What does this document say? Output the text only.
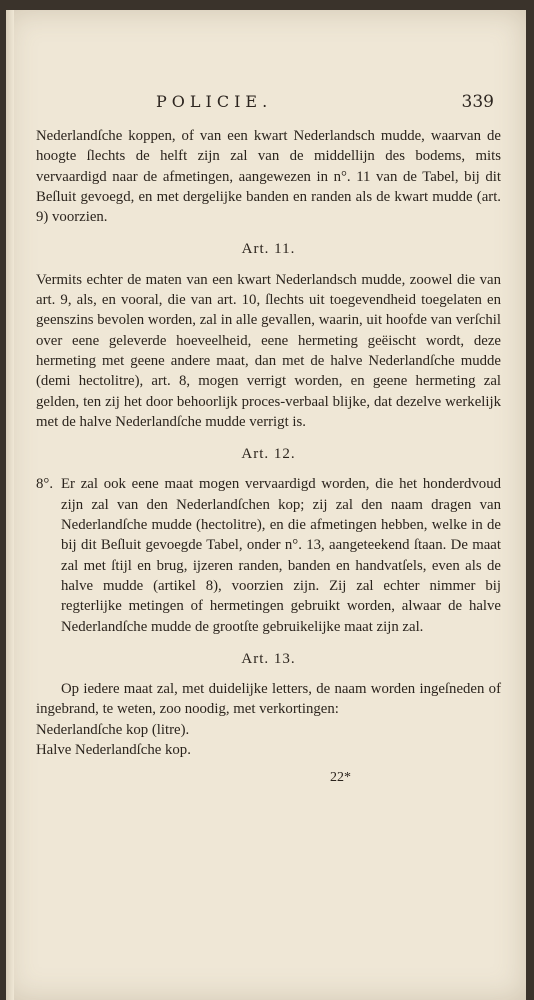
POLICIE.	339

Nederlandſche koppen, of van een kwart Nederlandsch mudde, waarvan de hoogte ſlechts de helft zijn zal van de middellijn des bodems, mits vervaardigd naar de afmetingen, aangewezen in n°. 11 van de Tabel, bij dit Beſluit gevoegd, en met dergelijke banden en randen als de kwart mudde (art. 9) voorzien.

Art. 11.

Vermits echter de maten van een kwart Nederlandsch mudde, zoowel die van art. 9, als, en vooral, die van art. 10, ſlechts uit toegevendheid toegelaten en geenszins bevolen worden, zal in alle gevallen, waarin, uit hoofde van verſchil over eene geleverde hoeveelheid, eene hermeting geëischt wordt, deze hermeting met geene andere maat, dan met de halve Nederlandſche mudde (demi hectolitre), art. 8, mogen verrigt worden, en geene hermeting zal gelden, ten zij het door behoorlijk proces-verbaal blijke, dat dezelve werkelijk met de halve Nederlandſche mudde verrigt is.

Art. 12.
8°. Er zal ook eene maat mogen vervaardigd worden, die het honderdvoud zijn zal van den Nederlandſchen kop; zij zal den naam dragen van Nederlandſche mudde (hectolitre), en die afmetingen hebben, welke in de bij dit Beſluit gevoegde Tabel, onder n°. 13, aangeteekend ſtaan. De maat zal met ſtijl en brug, ijzeren randen, banden en handvatſels, even als de halve mudde (artikel 8), voorzien zijn. Zij zal echter nimmer bij regterlijke metingen of hermetingen gebruikt worden, alwaar de halve Nederlandſche mudde de grootſte gebruikelijke maat zijn zal.

Art. 13.

Op iedere maat zal, met duidelijke letters, de naam worden ingeſneden of ingebrand, te weten, zoo noodig, met verkortingen:

Nederlandſche kop (litre).

Halve Nederlandſche kop.

22*
